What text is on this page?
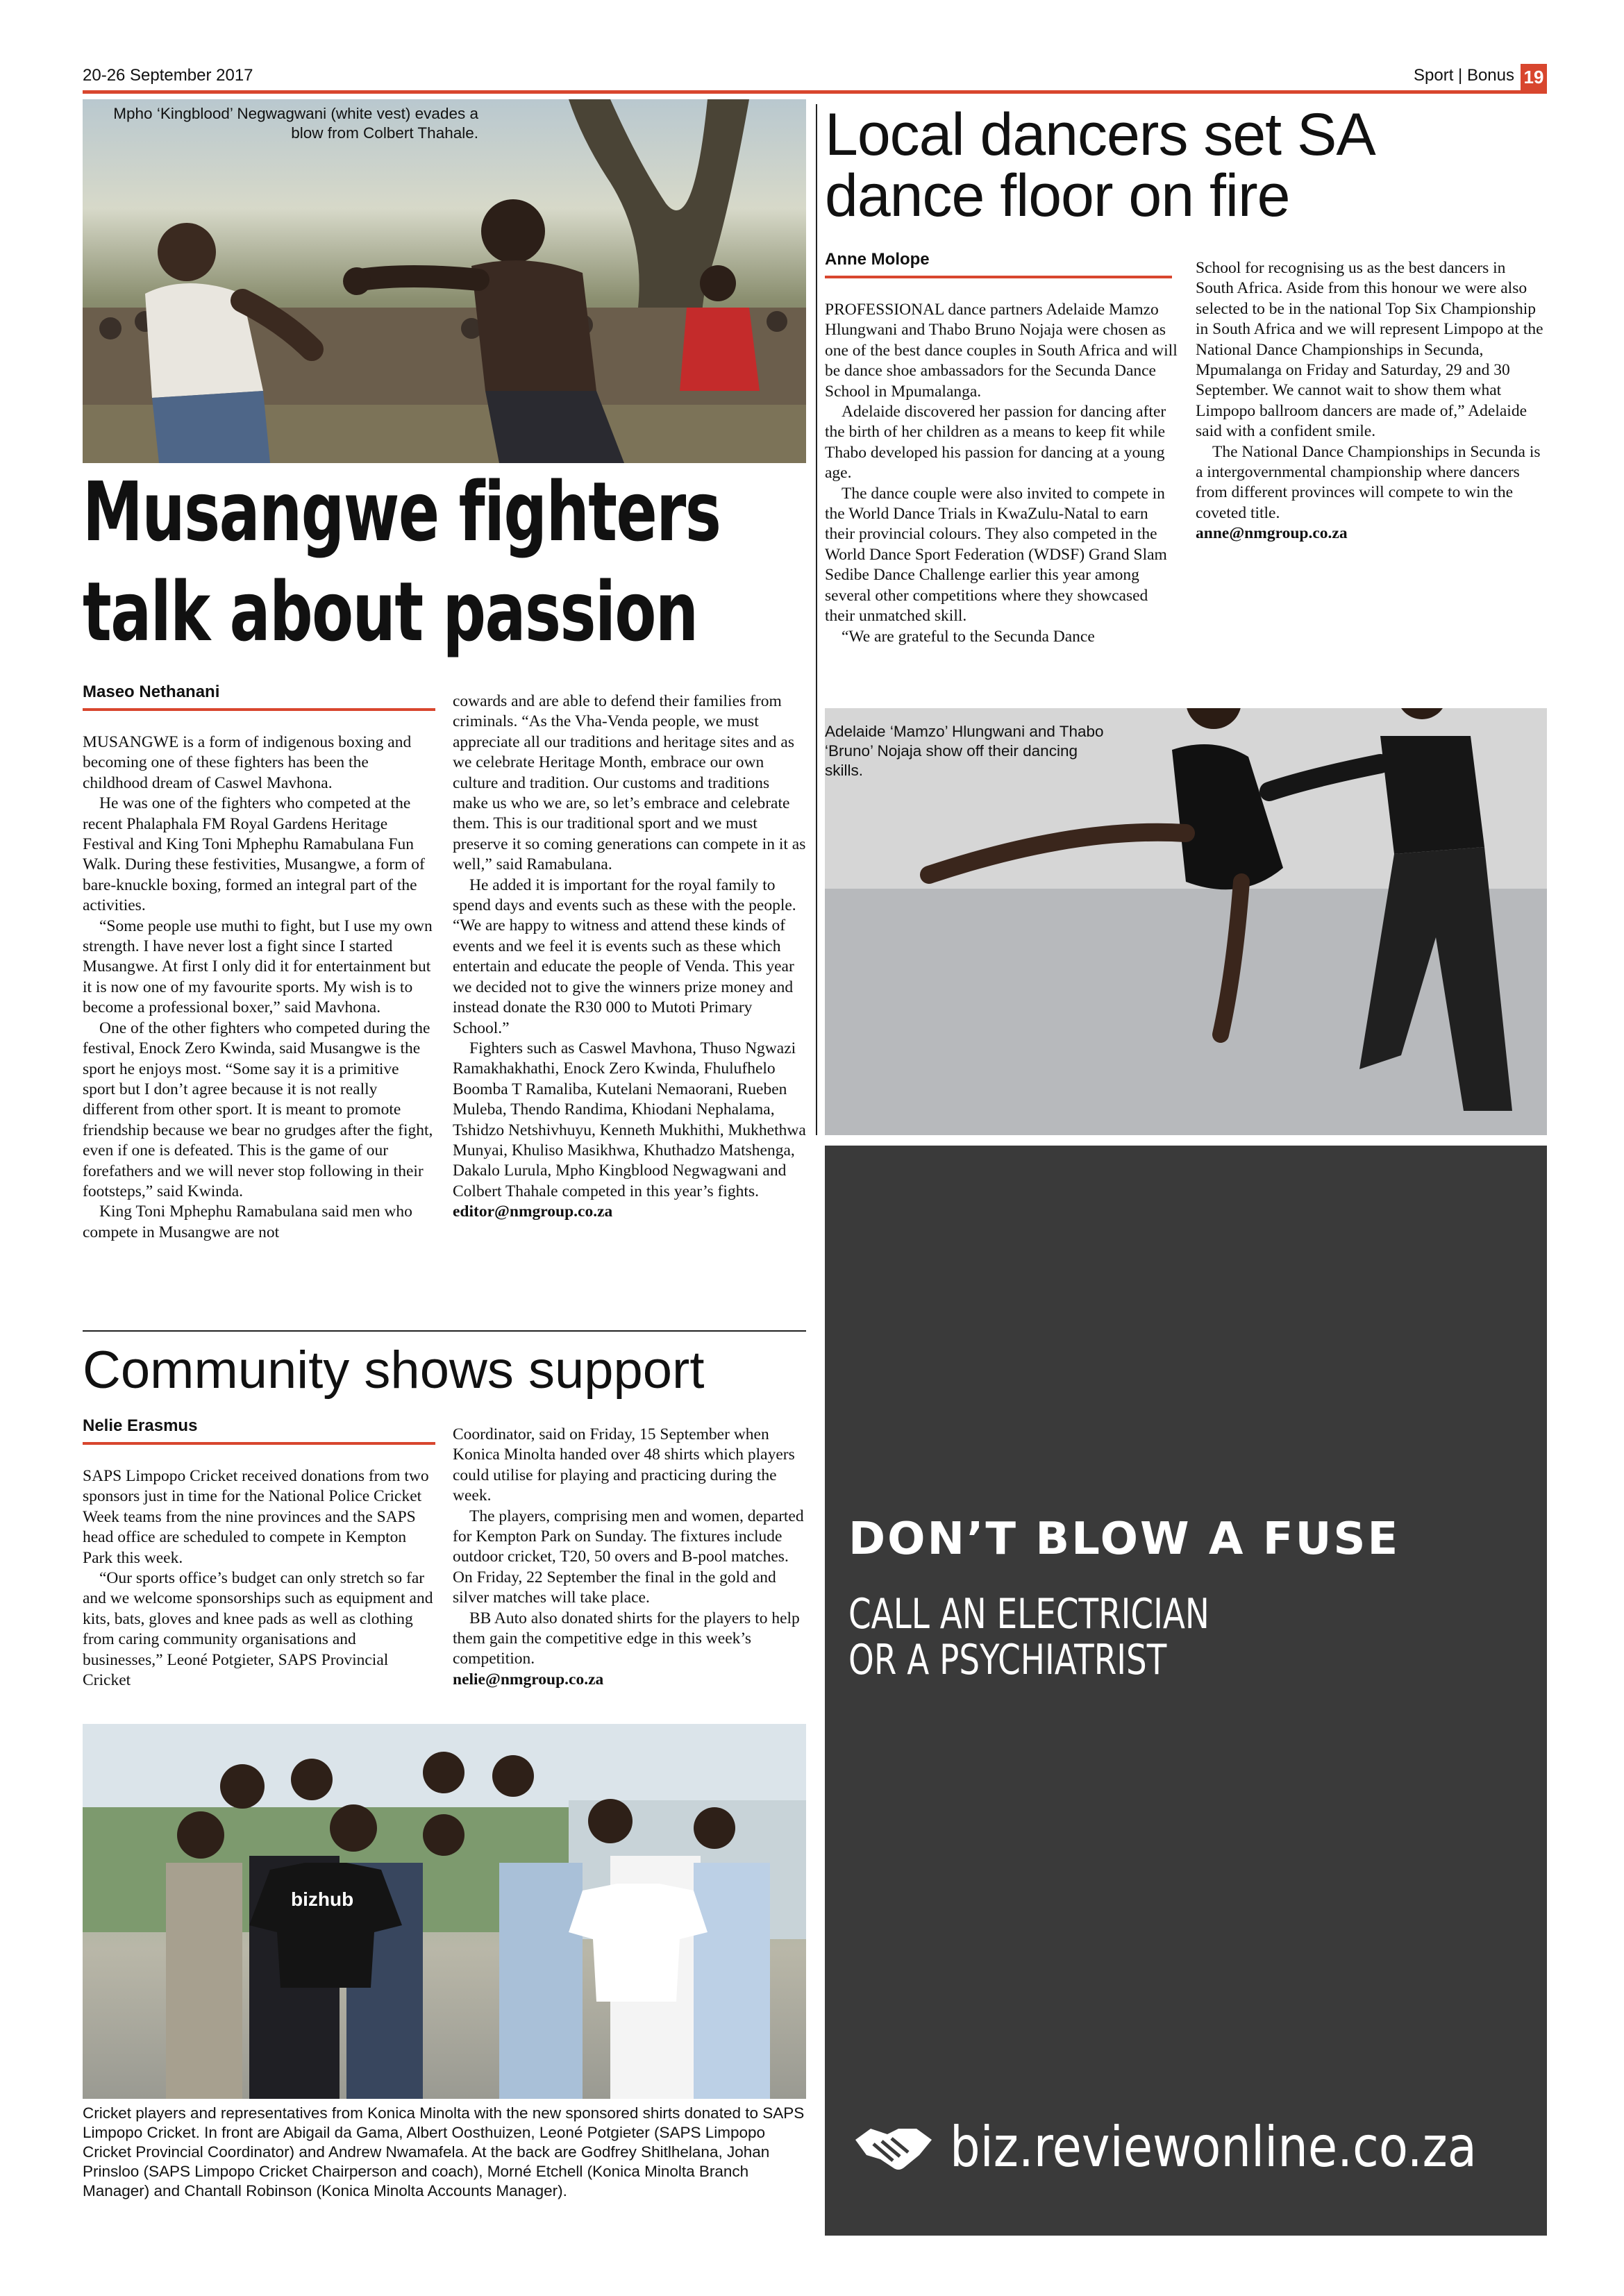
20-26 September 2017	Sport | Bonus 19
Mpho ‘Kingblood’ Negwagwani (white vest) evades a blow from Colbert Thahale.
Musangwe fighters
talk about passion
Maseo Nethanani

MUSANGWE is a form of indigenous boxing and becoming one of these fighters has been the childhood dream of Caswel Mavhona.

He was one of the fighters who competed at the recent Phalaphala FM Royal Gardens Heritage Festival and King Toni Mphephu Ramabulana Fun Walk. During these festivities, Musangwe, a form of bare-knuckle boxing, formed an integral part of the activities.

“Some people use muthi to fight, but I use my own strength. I have never lost a fight since I started Musangwe. At first I only did it for entertainment but it is now one of my favourite sports. My wish is to become a professional boxer,” said Mavhona.

One of the other fighters who competed during the festival, Enock Zero Kwinda, said Musangwe is the sport he enjoys most. “Some say it is a primitive sport but I don’t agree because it is not really different from other sport. It is meant to promote friendship because we bear no grudges after the fight, even if one is defeated. This is the game of our forefathers and we will never stop following in their footsteps,” said Kwinda.

King Toni Mphephu Ramabulana said men who compete in Musangwe are not

cowards and are able to defend their families from criminals. “As the Vha-Venda people, we must appreciate all our traditions and heritage sites and as we celebrate Heritage Month, embrace our own culture and tradition. Our customs and traditions make us who we are, so let’s embrace and celebrate them. This is our traditional sport and we must preserve it so coming generations can compete in it as well,” said Ramabulana.

He added it is important for the royal family to spend days and events such as these with the people. “We are happy to witness and attend these kinds of events and we feel it is events such as these which entertain and educate the people of Venda. This year we decided not to give the winners prize money and instead donate the R30 000 to Mutoti Primary School.”

Fighters such as Caswel Mavhona, Thuso Ngwazi Ramakhakhathi, Enock Zero Kwinda, Fhulufhelo Boomba T Ramaliba, Kutelani Nemaorani, Rueben Muleba, Thendo Randima, Khiodani Nephalama, Tshidzo Netshivhuyu, Kenneth Mukhithi, Mukhethwa Munyai, Khuliso Masikhwa, Khuthadzo Matshenga, Dakalo Lurula, Mpho Kingblood Negwagwani and Colbert Thahale competed in this year’s fights.

editor@nmgroup.co.za

Local dancers set SA
dance floor on fire
Anne Molope

PROFESSIONAL dance partners Adelaide Mamzo Hlungwani and Thabo Bruno Nojaja were chosen as one of the best dance couples in South Africa and will be dance shoe ambassadors for the Secunda Dance School in Mpumalanga.

Adelaide discovered her passion for dancing after the birth of her children as a means to keep fit while Thabo developed his passion for dancing at a young age.

The dance couple were also invited to compete in the World Dance Trials in KwaZulu-Natal to earn their provincial colours. They also competed in the World Dance Sport Federation (WDSF) Grand Slam Sedibe Dance Challenge earlier this year among several other competitions where they showcased their unmatched skill.

“We are grateful to the Secunda Dance

School for recognising us as the best dancers in South Africa. Aside from this honour we were also selected to be in the national Top Six Championship in South Africa and we will represent Limpopo at the National Dance Championships in Secunda, Mpumalanga on Friday and Saturday, 29 and 30 September. We cannot wait to show them what Limpopo ballroom dancers are made of,” Adelaide said with a confident smile.

The National Dance Championships in Secunda is a intergovernmental championship where dancers from different provinces will compete to win the coveted title.

anne@nmgroup.co.za

Adelaide ‘Mamzo’ Hlungwani and Thabo ‘Bruno’ Nojaja show off their dancing skills.
Community shows support
Nelie Erasmus

SAPS Limpopo Cricket received donations from two sponsors just in time for the National Police Cricket Week teams from the nine provinces and the SAPS head office are scheduled to compete in Kempton Park this week.

“Our sports office’s budget can only stretch so far and we welcome sponsorships such as equipment and kits, bats, gloves and knee pads as well as clothing from caring community organisations and businesses,” Leoné Potgieter, SAPS Provincial Cricket

Coordinator, said on Friday, 15 September when Konica Minolta handed over 48 shirts which players could utilise for playing and practicing during the week.

The players, comprising men and women, departed for Kempton Park on Sunday. The fixtures include outdoor cricket, T20, 50 overs and B-pool matches. On Friday, 22 September the final in the gold and silver matches will take place.

BB Auto also donated shirts for the players to help them gain the competitive edge in this week’s competition.

nelie@nmgroup.co.za

bizhub
Cricket players and representatives from Konica Minolta with the new sponsored shirts donated to SAPS Limpopo Cricket. In front are Abigail da Gama, Albert Oosthuizen, Leoné Potgieter (SAPS Limpopo Cricket Provincial Coordinator) and Andrew Nwamafela. At the back are Godfrey Shitlhelana, Johan Prinsloo (SAPS Limpopo Cricket Chairperson and coach), Morné Etchell (Konica Minolta Branch Manager) and Chantall Robinson (Konica Minolta Accounts Manager).
DON’T BLOW A FUSE
CALL AN ELECTRICIAN
OR A PSYCHIATRIST
biz.reviewonline.co.za
